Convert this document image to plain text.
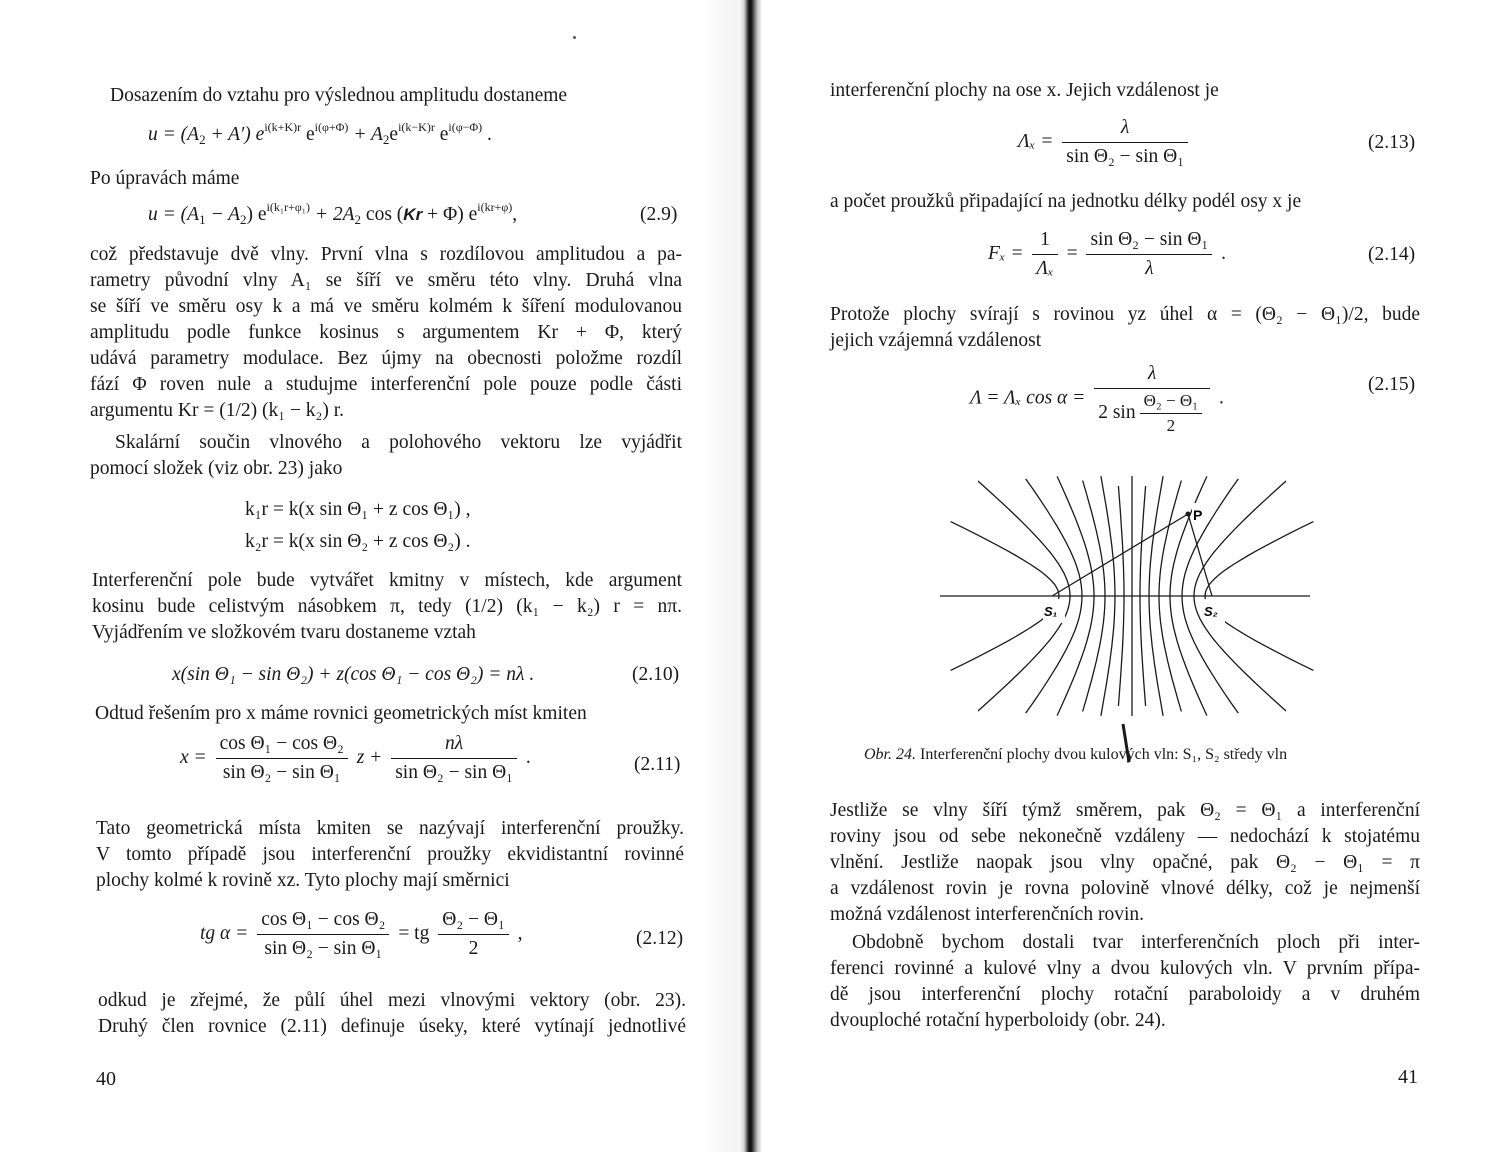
Dosazením do vztahu pro výslednou amplitudu dostaneme
$u = (A_2 + A')$ $e^{i(k+K)r}$ $e^{i(\varphi+\Phi)} + A_2e^{i(k-K)r}$ $e^{i(\varphi-\Phi)}$ .
Po úpravách máme
$u = (A_1 - A_2) e^{i(k_1r+\varphi_1)} + 2A_2$ cos (Kr + Φ) $e^{i(kr+\varphi)}$,	(2.9)
což představuje dvě vlny. První vlna s rozdílovou amplitudou a pa-
rametry původní vlny A₁ se šíří ve směru této vlny. Druhá vlna
se šíří ve směru osy k a má ve směru kolmém k šíření modulovanou
amplitudu podle funkce kosinus s argumentem Kr + Φ, který
udává parametry modulace. Bez újmy na obecnosti položme rozdíl
fází Φ roven nule a studujme interferenční pole pouze podle části
argumentu Kr = (1/2) (k₁ − k₂) r.
Skalární součin vlnového a polohového vektoru lze vyjádřit
pomocí složek (viz obr. 23) jako
k₁r = k(x sin Θ₁ + z cos Θ₁) ,
k₂r = k(x sin Θ₂ + z cos Θ₂) .
Interferenční pole bude vytvářet kmitny v místech, kde argument
kosinu bude celistvým násobkem π, tedy (1/2) (k₁ − k₂) r = nπ.
Vyjádřením ve složkovém tvaru dostaneme vztah
x(sin Θ₁ − sin Θ₂) + z(cos Θ₁ − cos Θ₂) = nλ .	(2.10)
Odtud řešením pro x máme rovnici geometrických míst kmiten
$x = \frac{\text{cos Θ₁ − cos Θ₂}}{\text{sin Θ₂ − sin Θ₁}}$ $z + \frac{n\lambda}{\text{sin Θ₂ − sin Θ₁}}$ .	(2.11)
Tato geometrická místa kmiten se nazývají interferenční proužky.
V tomto případě jsou interferenční proužky ekvidistantní rovinné
plochy kolmé k rovině xz. Tyto plochy mají směrnici
tg $\alpha = \frac{\text{cos Θ₁ − cos Θ₂}}{\text{sin Θ₂ − sin Θ₁}}$ = tg $\frac{\text{Θ₂ − Θ₁}}{2}$ ,	(2.12)
odkud je zřejmé, že půlí úhel mezi vlnovými vektory (obr. 23).
Druhý člen rovnice (2.11) definuje úseky, které vytínají jednotlivé
40
interferenční plochy na ose x. Jejich vzdálenost je
$\Lambda_x = \frac{\lambda}{\text{sin Θ₂ − sin Θ₁}}$	(2.13)
a počet proužků připadající na jednotku délky podél osy x je
$F_x = \frac{1}{\text{Λₓ}} = \frac{\text{sin Θ₂ − sin Θ₁}}{\lambda}$ .	(2.14)
Protože plochy svírají s rovinou yz úhel α = (Θ₂ − Θ₁)/2, bude
jejich vzájemná vzdálenost
Λ = Λₓ $\cos \alpha = \frac{\lambda}{2 \sin \frac{\text{Θ₂ − Θ₁}}{2}}$ .
(2.15)
P
S₁	S₂
Obr. 24. Interferenční plochy dvou kulových vln: S₁, S₂ středy vln
Jestliže se vlny šíří týmž směrem, pak Θ₂ = Θ₁ a interferenční
roviny jsou od sebe nekonečně vzdáleny — nedochází k stojatému
vlnění. Jestliže naopak jsou vlny opačné, pak Θ₂ − Θ₁ = π
a vzdálenost rovin je rovna polovině vlnové délky, což je nejmenší
možná vzdálenost interferenčních rovin.
Obdobně bychom dostali tvar interferenčních ploch při inter-
ferenci rovinné a kulové vlny a dvou kulových vln. V prvním přípa-
dě jsou interferenční plochy rotační paraboloidy a v druhém
dvouploché rotační hyperboloidy (obr. 24).
41
